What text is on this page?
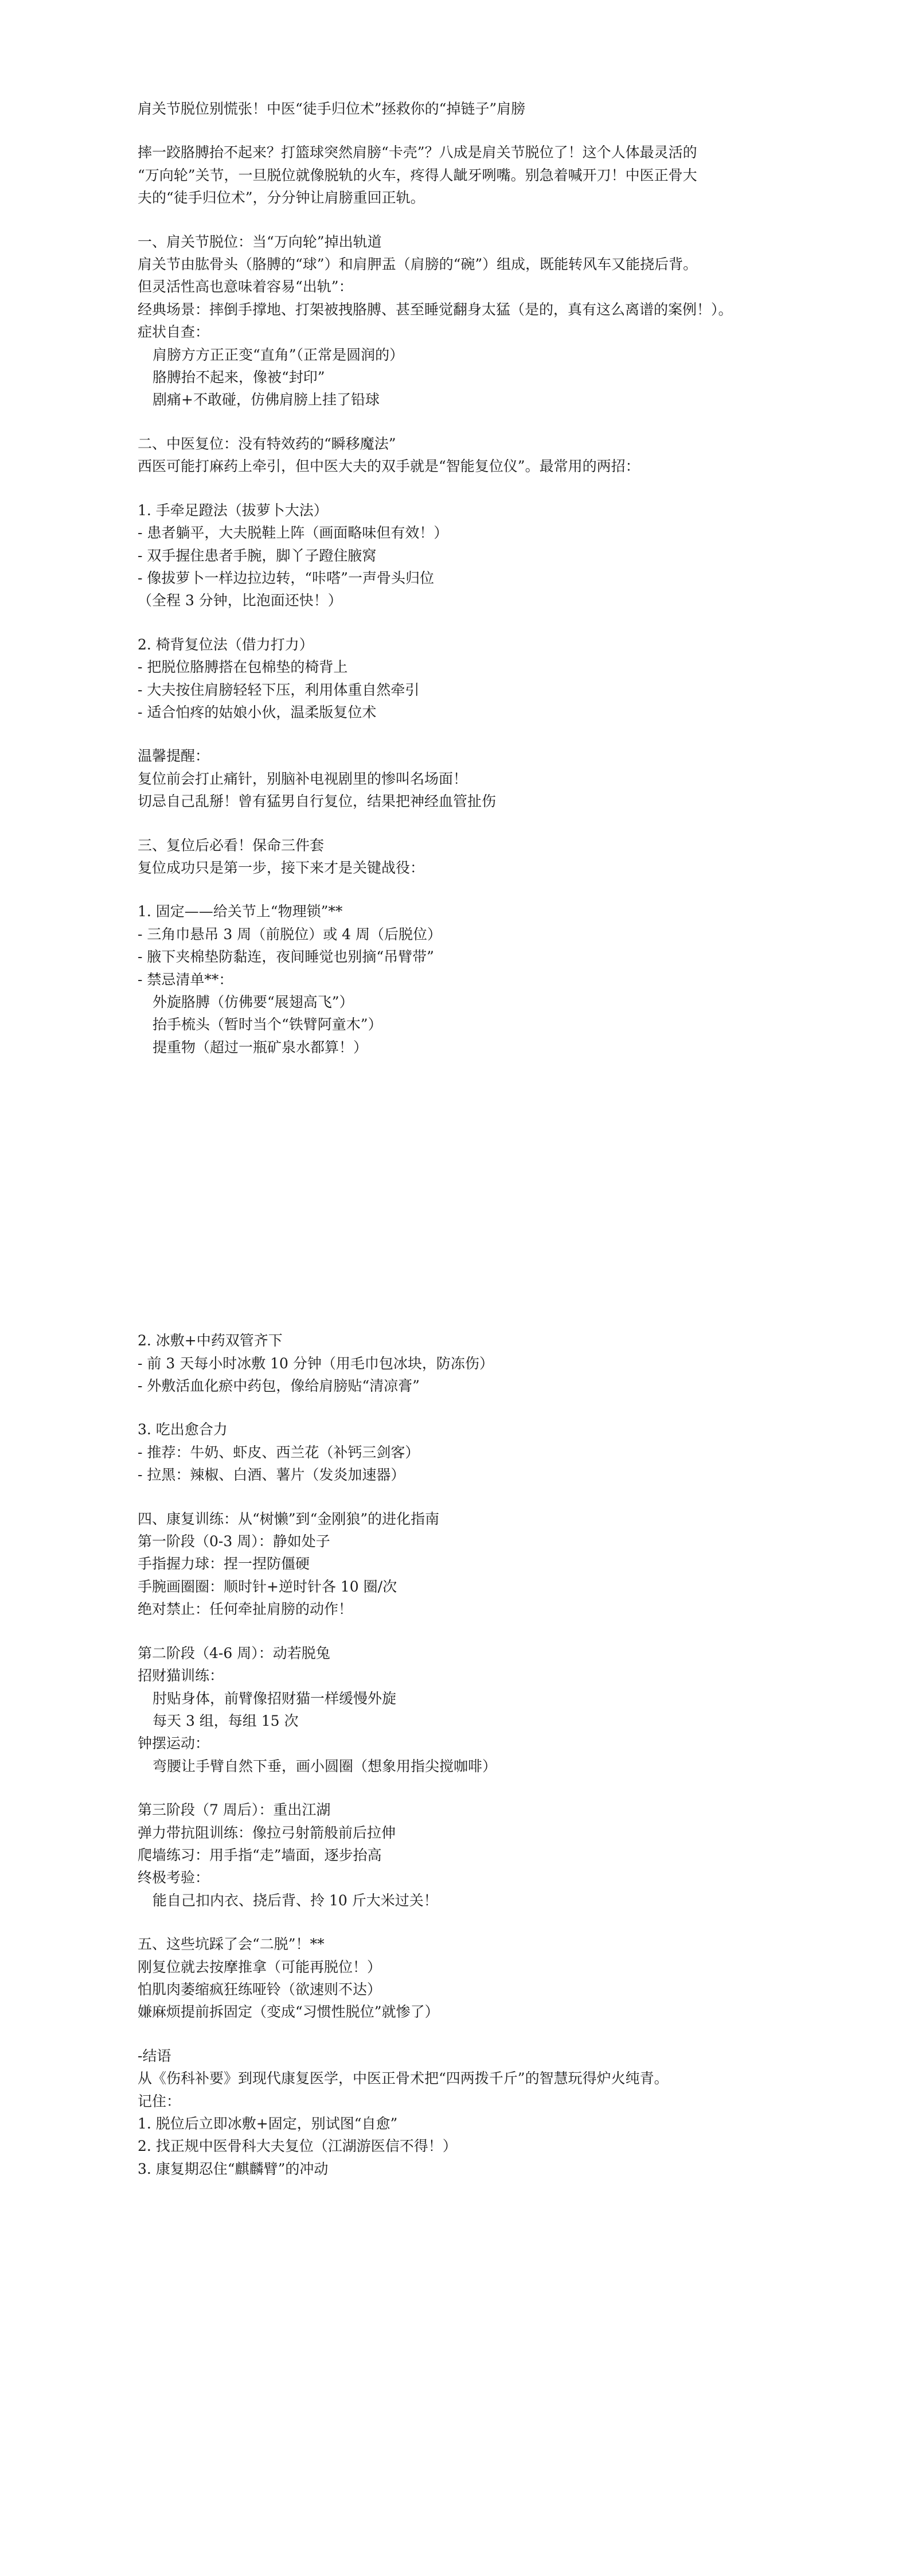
肩关节脱位别慌张！中医“徒手归位术”拯救你的“掉链子”肩膀
摔一跤胳膊抬不起来？打篮球突然肩膀“卡壳”？八成是肩关节脱位了！这个人体最灵活的
“万向轮”关节，一旦脱位就像脱轨的火车，疼得人龇牙咧嘴。别急着喊开刀！中医正骨大
夫的“徒手归位术”，分分钟让肩膀重回正轨。
一、肩关节脱位：当“万向轮”掉出轨道
肩关节由肱骨头（胳膊的“球”）和肩胛盂（肩膀的“碗”）组成，既能转风车又能挠后背。
但灵活性高也意味着容易“出轨”：
经典场景：摔倒手撑地、打架被拽胳膊、甚至睡觉翻身太猛（是的，真有这么离谱的案例！）。
症状自查：
肩膀方方正正变“直角”（正常是圆润的）
胳膊抬不起来，像被“封印”
剧痛+不敢碰，仿佛肩膀上挂了铅球
二、中医复位：没有特效药的“瞬移魔法”
西医可能打麻药上牵引，但中医大夫的双手就是“智能复位仪”。最常用的两招：
1. 手牵足蹬法（拔萝卜大法）
- 患者躺平，大夫脱鞋上阵（画面略味但有效！）
- 双手握住患者手腕，脚丫子蹬住腋窝
- 像拔萝卜一样边拉边转，“咔嗒”一声骨头归位
（全程 3 分钟，比泡面还快！）
2. 椅背复位法（借力打力）
- 把脱位胳膊搭在包棉垫的椅背上
- 大夫按住肩膀轻轻下压，利用体重自然牵引
- 适合怕疼的姑娘小伙，温柔版复位术
温馨提醒：
复位前会打止痛针，别脑补电视剧里的惨叫名场面！
切忌自己乱掰！曾有猛男自行复位，结果把神经血管扯伤
三、复位后必看！保命三件套
复位成功只是第一步，接下来才是关键战役：
1. 固定——给关节上“物理锁”**
- 三角巾悬吊 3 周（前脱位）或 4 周（后脱位）
- 腋下夹棉垫防黏连，夜间睡觉也别摘“吊臂带”
- 禁忌清单**：
外旋胳膊（仿佛要“展翅高飞”）
抬手梳头（暂时当个“铁臂阿童木”）
提重物（超过一瓶矿泉水都算！）
2. 冰敷+中药双管齐下
- 前 3 天每小时冰敷 10 分钟（用毛巾包冰块，防冻伤）
- 外敷活血化瘀中药包，像给肩膀贴“清凉膏”
3. 吃出愈合力
- 推荐：牛奶、虾皮、西兰花（补钙三剑客）
- 拉黑：辣椒、白酒、薯片（发炎加速器）
四、康复训练：从“树懒”到“金刚狼”的进化指南
第一阶段（0-3 周）：静如处子
手指握力球：捏一捏防僵硬
手腕画圈圈：顺时针+逆时针各 10 圈/次
绝对禁止：任何牵扯肩膀的动作！
第二阶段（4-6 周）：动若脱兔
招财猫训练：
肘贴身体，前臂像招财猫一样缓慢外旋
每天 3 组，每组 15 次
钟摆运动：
弯腰让手臂自然下垂，画小圆圈（想象用指尖搅咖啡）
第三阶段（7 周后）：重出江湖
弹力带抗阻训练：像拉弓射箭般前后拉伸
爬墙练习：用手指“走”墙面，逐步抬高
终极考验：
能自己扣内衣、挠后背、拎 10 斤大米过关！
五、这些坑踩了会“二脱”！**
刚复位就去按摩推拿（可能再脱位！）
怕肌肉萎缩疯狂练哑铃（欲速则不达）
嫌麻烦提前拆固定（变成“习惯性脱位”就惨了）
-结语
从《伤科补要》到现代康复医学，中医正骨术把“四两拨千斤”的智慧玩得炉火纯青。
记住：
1. 脱位后立即冰敷+固定，别试图“自愈”
2. 找正规中医骨科大夫复位（江湖游医信不得！）
3. 康复期忍住“麒麟臂”的冲动
